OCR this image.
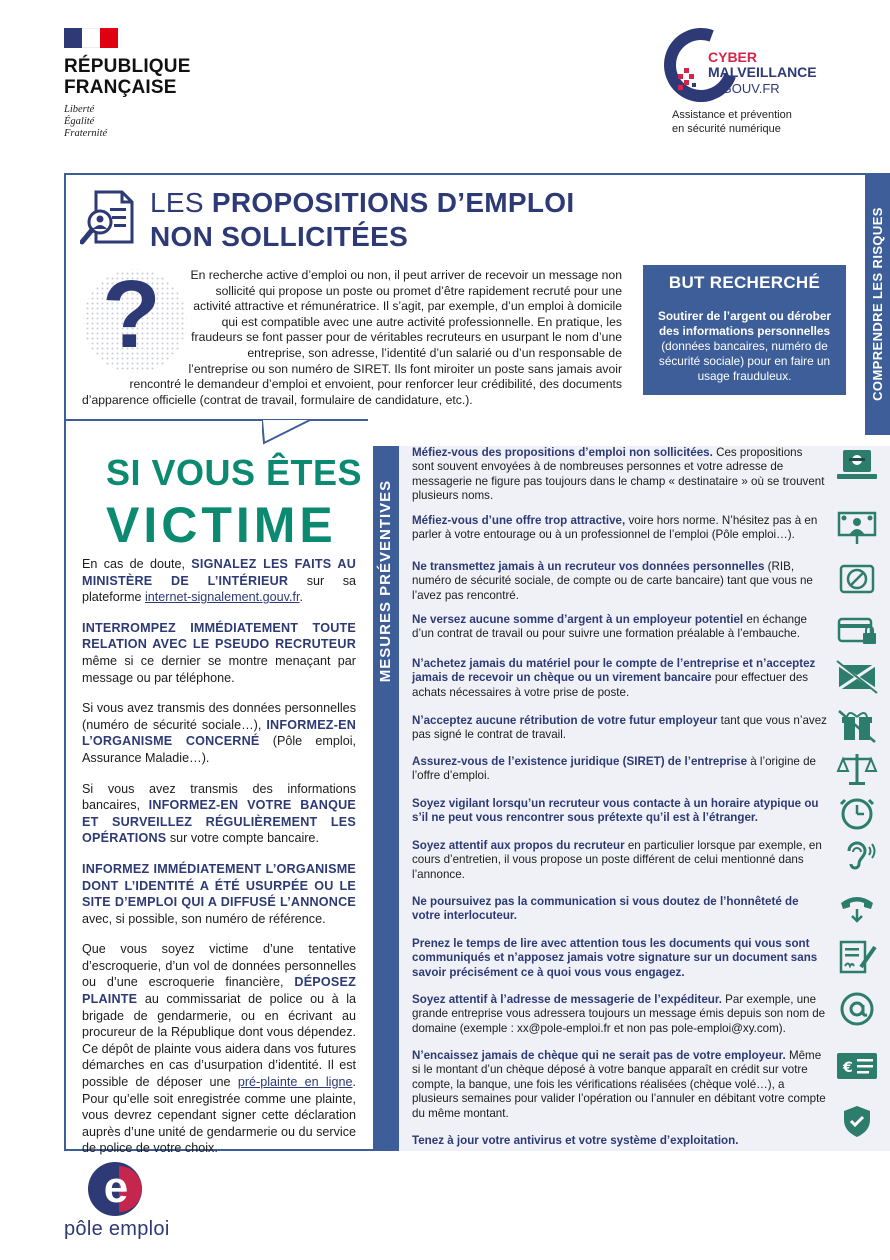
RÉPUBLIQUE
FRANÇAISE
Liberté
Égalité
Fraternité
CYBER
MALVEILLANCE
.GOUV.FR
Assistance et prévention
en sécurité numérique
COMPRENDRE LES RISQUES
LES PROPOSITIONS D’EMPLOI
NON SOLLICITÉES
?	En recherche active d’emploi ou non, il peut arriver de recevoir un message non sollicité qui propose un poste ou promet d’être rapidement recruté pour une activité attractive et rémunératrice. Il s’agit, par exemple, d’un emploi à domicile qui est compatible avec une autre activité professionnelle. En pratique, les fraudeurs se font passer pour de véritables recruteurs en usurpant le nom d’une entreprise, son adresse, l’identité d’un salarié ou d’un responsable de l’entreprise ou son numéro de SIRET. Ils font miroiter un poste sans jamais avoir rencontré le demandeur d’emploi et envoient, pour renforcer leur crédibilité, des documents d’apparence officielle (contrat de travail, formulaire de candidature, etc.).
BUT RECHERCHÉ
Soutirer de l’argent ou dérober des informations personnelles (données bancaires, numéro de sécurité sociale) pour en faire un usage frauduleux.
SI VOUS ÊTES
VICTIME

En cas de doute, SIGNALEZ LES FAITS AU MINISTÈRE DE L’INTÉRIEUR sur sa plateforme internet-signalement.gouv.fr.

INTERROMPEZ IMMÉDIATEMENT TOUTE RELATION AVEC LE PSEUDO RECRUTEUR même si ce dernier se montre menaçant par message ou par téléphone.

Si vous avez transmis des données personnelles (numéro de sécurité sociale…), INFORMEZ-EN L’ORGANISME CONCERNÉ (Pôle emploi, Assurance Maladie…).

Si vous avez transmis des informations bancaires, INFORMEZ-EN VOTRE BANQUE ET SURVEILLEZ RÉGULIÈREMENT LES OPÉRATIONS sur votre compte bancaire.

INFORMEZ IMMÉDIATEMENT L’ORGANISME DONT L’IDENTITÉ A ÉTÉ USURPÉE OU LE SITE D’EMPLOI QUI A DIFFUSÉ L’ANNONCE avec, si possible, son numéro de référence.

Que vous soyez victime d’une tentative d’escroquerie, d’un vol de données personnelles ou d’une escroquerie financière, DÉPOSEZ PLAINTE au commissariat de police ou à la brigade de gendarmerie, ou en écrivant au procureur de la République dont vous dépendez. Ce dépôt de plainte vous aidera dans vos futures démarches en cas d’usurpation d’identité. Il est possible de déposer une pré-plainte en ligne. Pour qu’elle soit enregistrée comme une plainte, vous devrez cependant signer cette déclaration auprès d’une unité de gendarmerie ou du service de police de votre choix.

MESURES PRÉVENTIVES
Méfiez-vous des propositions d’emploi non sollicitées. Ces propositions sont souvent envoyées à de nombreuses personnes et votre adresse de messagerie ne figure pas toujours dans le champ « destinataire » où se trouvent plusieurs noms.
Méfiez-vous d’une offre trop attractive, voire hors norme. N’hésitez pas à en parler à votre entourage ou à un professionnel de l’emploi (Pôle emploi…).
Ne transmettez jamais à un recruteur vos données personnelles (RIB, numéro de sécurité sociale, de compte ou de carte bancaire) tant que vous ne l’avez pas rencontré.
Ne versez aucune somme d’argent à un employeur potentiel en échange d’un contrat de travail ou pour suivre une formation préalable à l’embauche.
N’achetez jamais du matériel pour le compte de l’entreprise et n’acceptez jamais de recevoir un chèque ou un virement bancaire pour effectuer des achats nécessaires à votre prise de poste.
N’acceptez aucune rétribution de votre futur employeur tant que vous n’avez pas signé le contrat de travail.
Assurez-vous de l’existence juridique (SIRET) de l’entreprise à l’origine de l’offre d’emploi.
Soyez vigilant lorsqu’un recruteur vous contacte à un horaire atypique ou s’il ne peut vous rencontrer sous prétexte qu’il est à l’étranger.
Soyez attentif aux propos du recruteur en particulier lorsque par exemple, en cours d’entretien, il vous propose un poste différent de celui mentionné dans l’annonce.
Ne poursuivez pas la communication si vous doutez de l’honnêteté de votre interlocuteur.
Prenez le temps de lire avec attention tous les documents qui vous sont communiqués et n’apposez jamais votre signature sur un document sans savoir précisément ce à quoi vous vous engagez.
Soyez attentif à l’adresse de messagerie de l’expéditeur. Par exemple, une grande entreprise vous adressera toujours un message émis depuis son nom de domaine (exemple : xx@pole-emploi.fr et non pas pole-emploi@xy.com).
N’encaissez jamais de chèque qui ne serait pas de votre employeur. Même si le montant d’un chèque déposé à votre banque apparaît en crédit sur votre compte, la banque, une fois les vérifications réalisées (chèque volé…), a plusieurs semaines pour valider l’opération ou l’annuler en débitant votre compte du même montant.
€
Tenez à jour votre antivirus et votre système d’exploitation.
e
pôle emploi
